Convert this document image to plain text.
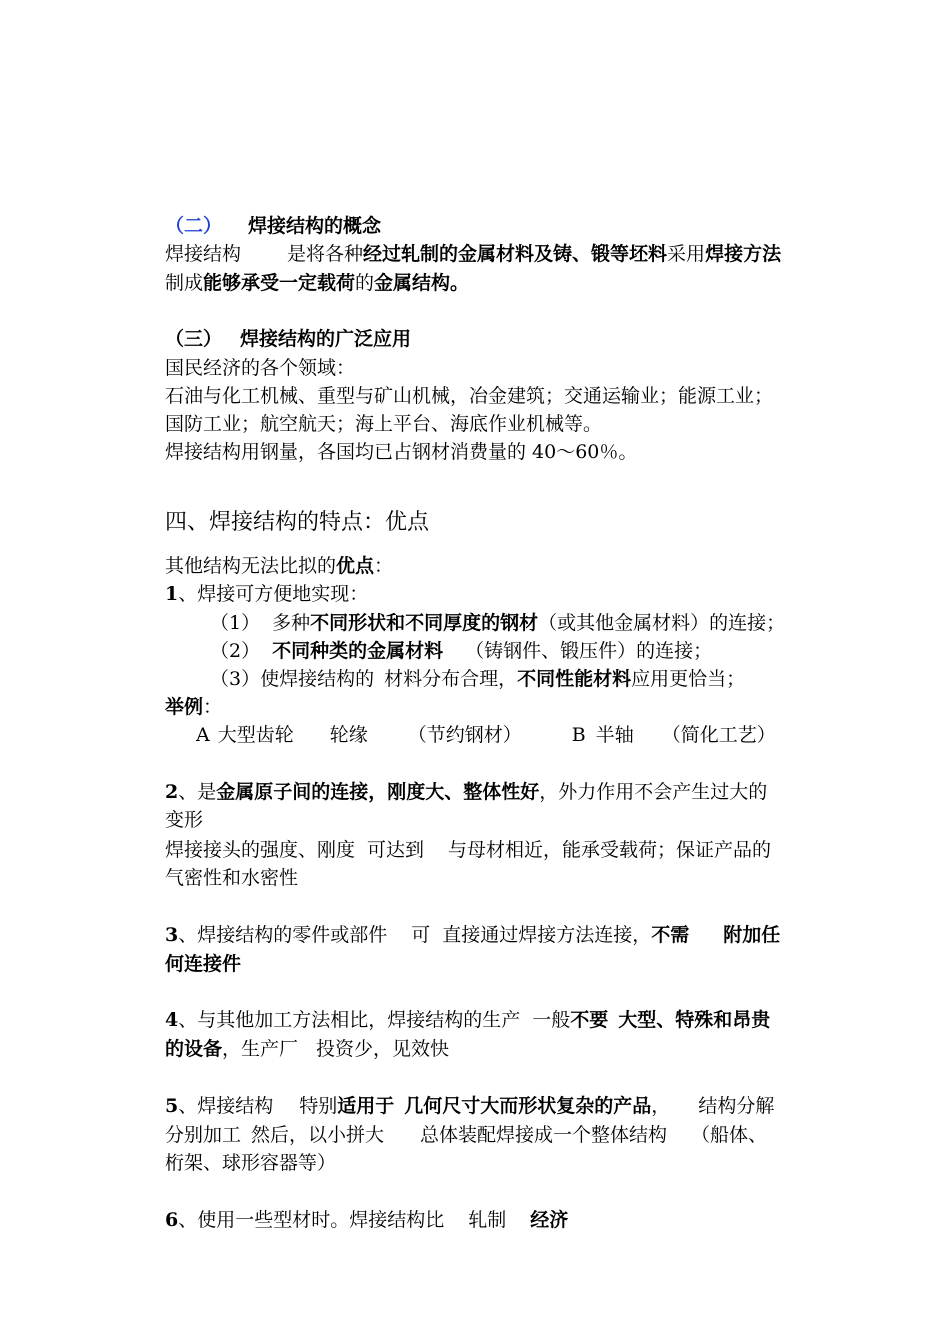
（二） 焊接结构的概念
焊接结构 是将各种经过轧制的金属材料及铸、锻等坯料采用焊接方法
制成能够承受一定载荷的金属结构。
（三） 焊接结构的广泛应用
国民经济的各个领域：
石油与化工机械、重型与矿山机械，冶金建筑；交通运输业；能源工业；
国防工业；航空航天；海上平台、海底作业机械等。
焊接结构用钢量，各国均已占钢材消费量的 40～60％。
四、焊接结构的特点：优点
其他结构无法比拟的优点：
1、焊接可方便地实现：
（1） 多种不同形状和不同厚度的钢材（或其他金属材料）的连接；
（2） 不同种类的金属材料 （铸钢件、锻压件）的连接；
（3）使焊接结构的 材料分布合理，不同性能材料应用更恰当；
举例：
A 大型齿轮 轮缘 （节约钢材）	B 半轴 （简化工艺）
2、是金属原子间的连接，刚度大、整体性好，外力作用不会产生过大的
变形
焊接接头的强度、刚度 可达到 与母材相近，能承受载荷；保证产品的
气密性和水密性
3、焊接结构的零件或部件 可 直接通过焊接方法连接，不需 附加任
何连接件
4、与其他加工方法相比，焊接结构的生产 一般不要 大型、特殊和昂贵
的设备，生产厂 投资少，见效快
5、焊接结构 特别适用于 几何尺寸大而形状复杂的产品， 结构分解
分别加工 然后，以小拼大 总体装配焊接成一个整体结构 （船体、
桁架、球形容器等）
6、使用一些型材时。焊接结构比 轧制 经济
